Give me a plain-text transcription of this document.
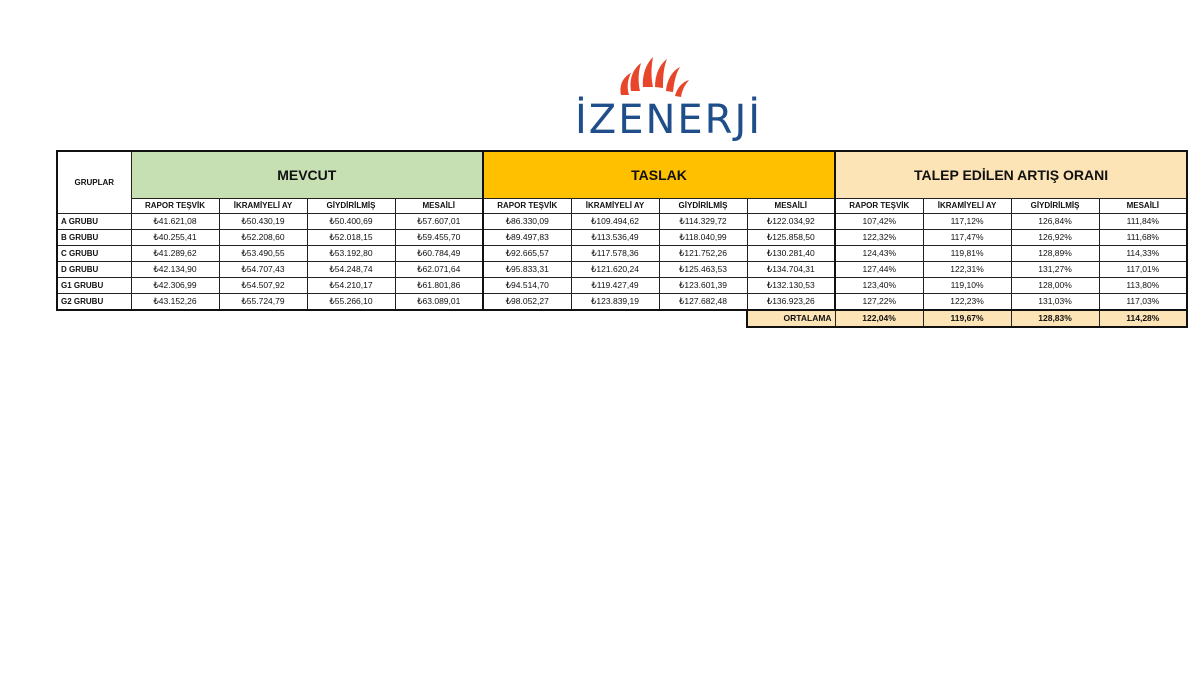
İZENERJİ
GRUPLAR	MEVCUT				TASLAK				TALEP EDİLEN ARTIŞ ORANI			
	RAPOR TEŞVİK	İKRAMİYELİ AY	GİYDİRİLMİŞ	MESAİLİ	RAPOR TEŞVİK	İKRAMİYELİ AY	GİYDİRİLMİŞ	MESAİLİ	RAPOR TEŞVİK	İKRAMİYELİ AY	GİYDİRİLMİŞ	MESAİLİ
A GRUBU	₺41.621,08	₺50.430,19	₺50.400,69	₺57.607,01	₺86.330,09	₺109.494,62	₺114.329,72	₺122.034,92	107,42%	117,12%	126,84%	111,84%
B GRUBU	₺40.255,41	₺52.208,60	₺52.018,15	₺59.455,70	₺89.497,83	₺113.536,49	₺118.040,99	₺125.858,50	122,32%	117,47%	126,92%	111,68%
C GRUBU	₺41.289,62	₺53.490,55	₺53.192,80	₺60.784,49	₺92.665,57	₺117.578,36	₺121.752,26	₺130.281,40	124,43%	119,81%	128,89%	114,33%
D GRUBU	₺42.134,90	₺54.707,43	₺54.248,74	₺62.071,64	₺95.833,31	₺121.620,24	₺125.463,53	₺134.704,31	127,44%	122,31%	131,27%	117,01%
G1 GRUBU	₺42.306,99	₺54.507,92	₺54.210,17	₺61.801,86	₺94.514,70	₺119.427,49	₺123.601,39	₺132.130,53	123,40%	119,10%	128,00%	113,80%
G2 GRUBU	₺43.152,26	₺55.724,79	₺55.266,10	₺63.089,01	₺98.052,27	₺123.839,19	₺127.682,48	₺136.923,26	127,22%	122,23%	131,03%	117,03%
								ORTALAMA	122,04%	119,67%	128,83%	114,28%
